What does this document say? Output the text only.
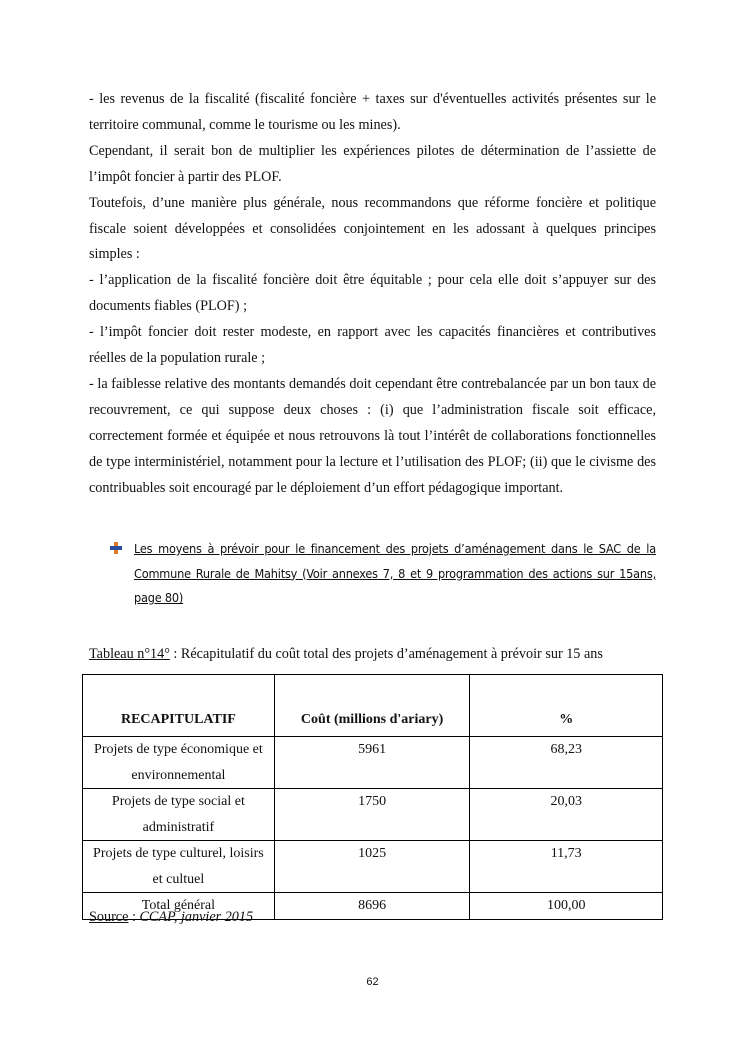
- les revenus de la fiscalité (fiscalité foncière + taxes sur d'éventuelles activités présentes sur le territoire communal, comme le tourisme ou les mines).

Cependant, il serait bon de multiplier les expériences pilotes de détermination de l’assiette de l’impôt foncier à partir des PLOF.

Toutefois, d’une manière plus générale, nous recommandons que réforme foncière et politique fiscale soient développées et consolidées conjointement en les adossant à quelques principes simples :

- l’application de la fiscalité foncière doit être équitable ; pour cela elle doit s’appuyer sur des documents fiables (PLOF) ;

- l’impôt foncier doit rester modeste, en rapport avec les capacités financières et contributives réelles de la population rurale ;

- la faiblesse relative des montants demandés doit cependant être contrebalancée par un bon taux de recouvrement, ce qui suppose deux choses : (i) que l’administration fiscale soit efficace, correctement formée et équipée et nous retrouvons là tout l’intérêt de collaborations fonctionnelles de type interministériel, notamment pour la lecture et l’utilisation des PLOF; (ii) que le civisme des contribuables soit encouragé par le déploiement d’un effort pédagogique important.

Les moyens à prévoir pour le financement des projets d’aménagement dans le SAC de la Commune Rurale de Mahitsy (Voir annexes 7, 8 et 9 programmation des actions sur 15ans, page 80)
Tableau n°14° : Récapitulatif du coût total des projets d’aménagement à prévoir sur 15 ans
RECAPITULATIF	Coût (millions d'ariary)	%
Projets de type économique et environnemental	5961	68,23
Projets de type social et administratif	1750	20,03
Projets de type culturel, loisirs et cultuel	1025	11,73
Total général	8696	100,00
Source : CCAP, janvier 2015
62
